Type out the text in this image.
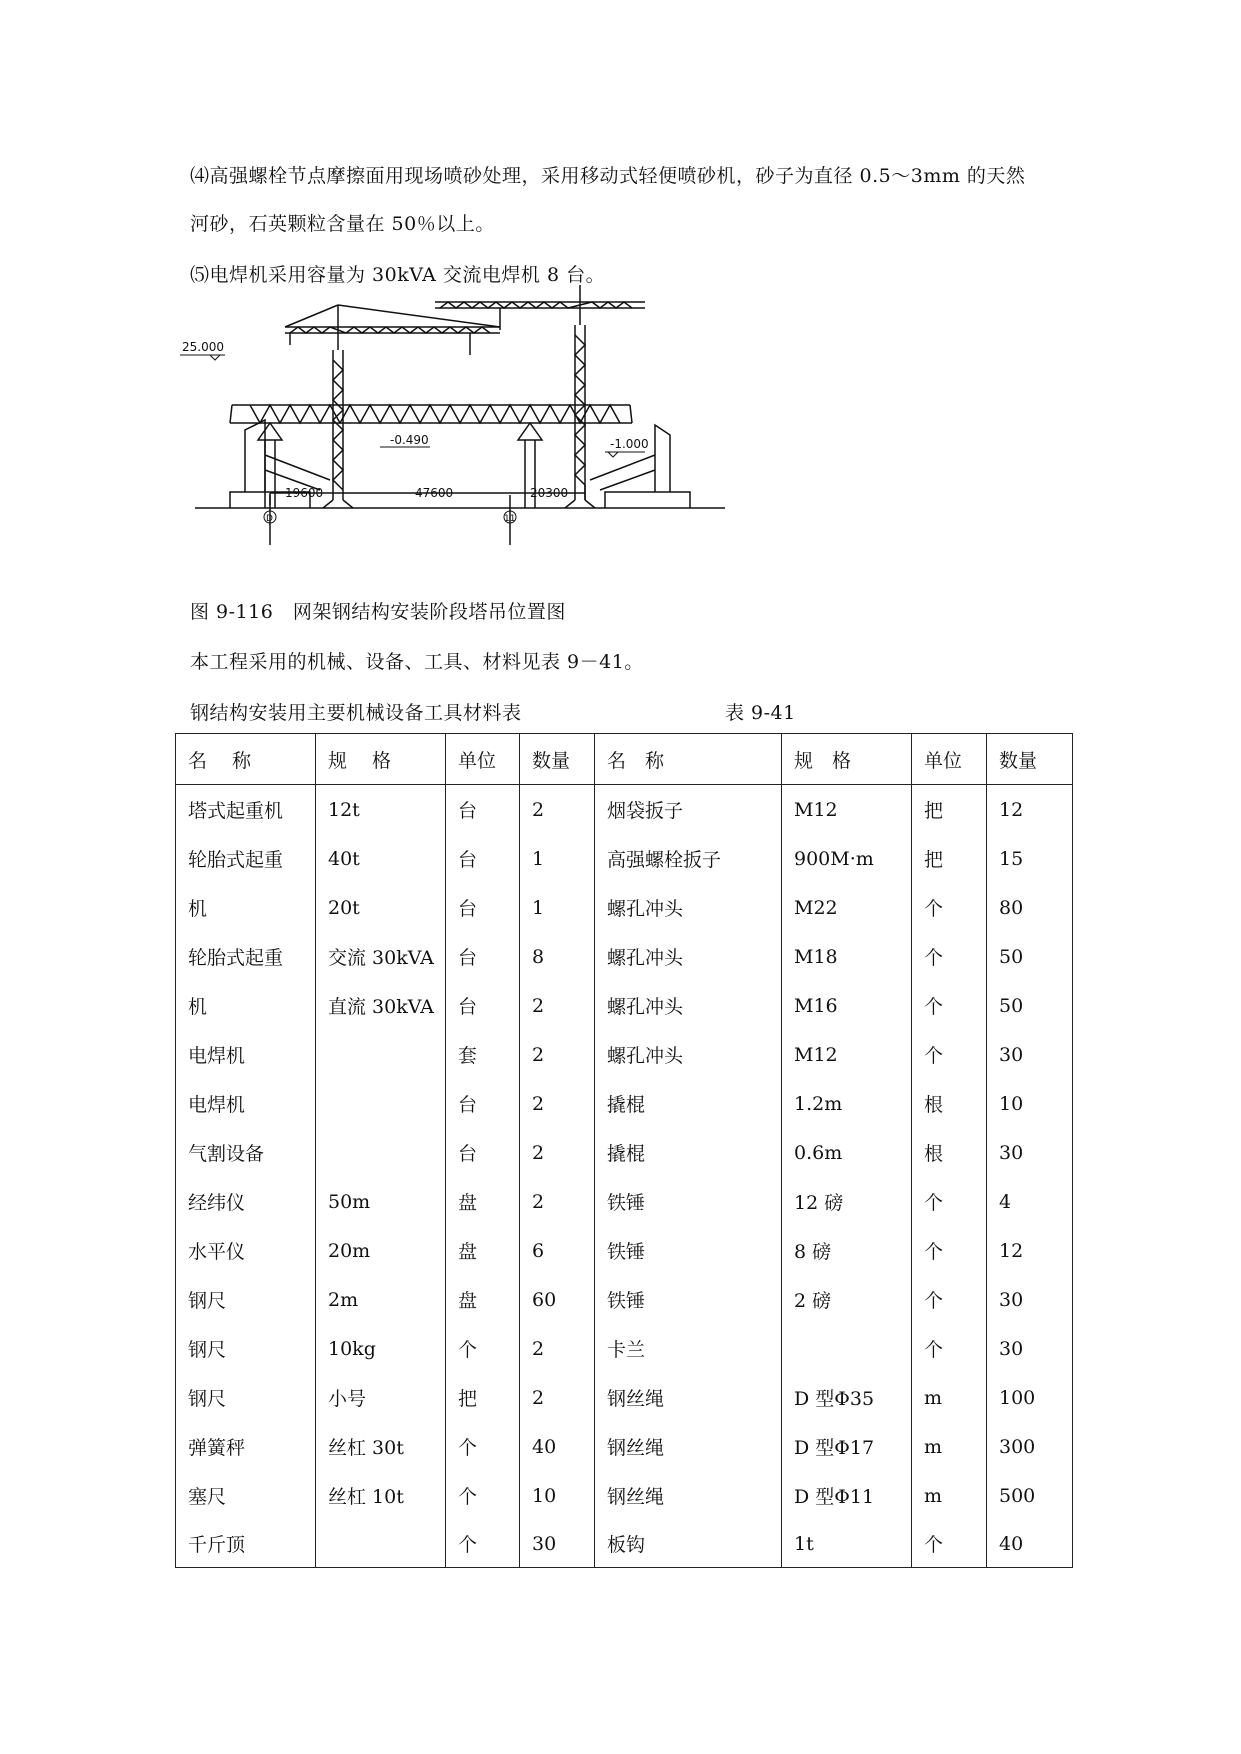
⑷高强螺栓节点摩擦面用现场喷砂处理，采用移动式轻便喷砂机，砂子为直径 0.5～3mm 的天然
河砂，石英颗粒含量在 50％以上。
⑸电焊机采用容量为 30kVA 交流电焊机 8 台。
25.000
-0.490	-1.000
19600	47600	20300
D	11
图 9-116　网架钢结构安装阶段塔吊位置图
本工程采用的机械、设备、工具、材料见表 9－41。
钢结构安装用主要机械设备工具材料表	表 9-41
名　 称	规　 格	单位	数量	名　称	规　格	单位	数量
塔式起重机	12t	台	2	烟袋扳子	M12	把	12
轮胎式起重	40t	台	1	高强螺栓扳子	900M·m	把	15
机	20t	台	1	螺孔冲头	M22	个	80
轮胎式起重	交流 30kVA	台	8	螺孔冲头	M18	个	50
机	直流 30kVA	台	2	螺孔冲头	M16	个	50
电焊机		套	2	螺孔冲头	M12	个	30
电焊机		台	2	撬棍	1.2m	根	10
气割设备		台	2	撬棍	0.6m	根	30
经纬仪	50m	盘	2	铁锤	12 磅	个	4
水平仪	20m	盘	6	铁锤	8 磅	个	12
钢尺	2m	盘	60	铁锤	2 磅	个	30
钢尺	10kg	个	2	卡兰		个	30
钢尺	小号	把	2	钢丝绳	D 型Φ35	m	100
弹簧秤	丝杠 30t	个	40	钢丝绳	D 型Φ17	m	300
塞尺	丝杠 10t	个	10	钢丝绳	D 型Φ11	m	500
千斤顶		个	30	板钩	1t	个	40
